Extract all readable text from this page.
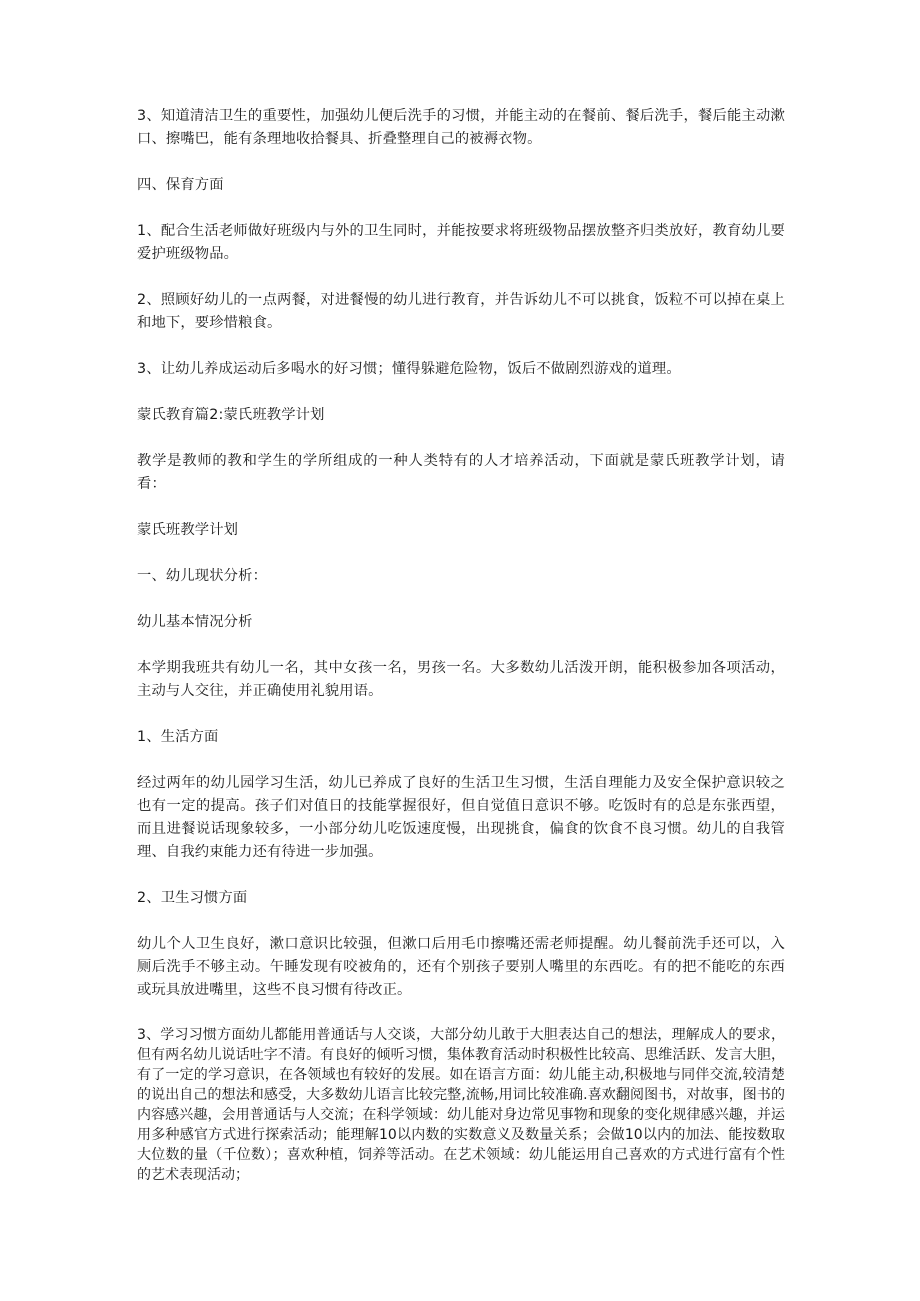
3、知道清洁卫生的重要性，加强幼儿便后洗手的习惯，并能主动的在餐前、餐后洗手，餐后能主动漱口、擦嘴巴，能有条理地收拾餐具、折叠整理自己的被褥衣物。

四、保育方面

1、配合生活老师做好班级内与外的卫生同时，并能按要求将班级物品摆放整齐归类放好，教育幼儿要爱护班级物品。

2、照顾好幼儿的一点两餐，对进餐慢的幼儿进行教育，并告诉幼儿不可以挑食，饭粒不可以掉在桌上和地下，要珍惜粮食。

3、让幼儿养成运动后多喝水的好习惯；懂得躲避危险物，饭后不做剧烈游戏的道理。

蒙氏教育篇2:蒙氏班教学计划

教学是教师的教和学生的学所组成的一种人类特有的人才培养活动，下面就是蒙氏班教学计划，请看：

蒙氏班教学计划

一、幼儿现状分析：

幼儿基本情况分析

本学期我班共有幼儿一名，其中女孩一名，男孩一名。大多数幼儿活泼开朗，能积极参加各项活动，主动与人交往，并正确使用礼貌用语。

1、生活方面

经过两年的幼儿园学习生活，幼儿已养成了良好的生活卫生习惯，生活自理能力及安全保护意识较之也有一定的提高。孩子们对值日的技能掌握很好，但自觉值日意识不够。吃饭时有的总是东张西望，而且进餐说话现象较多，一小部分幼儿吃饭速度慢，出现挑食，偏食的饮食不良习惯。幼儿的自我管理、自我约束能力还有待进一步加强。

2、卫生习惯方面

幼儿个人卫生良好，漱口意识比较强，但漱口后用毛巾擦嘴还需老师提醒。幼儿餐前洗手还可以，入厕后洗手不够主动。午睡发现有咬被角的，还有个别孩子要别人嘴里的东西吃。有的把不能吃的东西或玩具放进嘴里，这些不良习惯有待改正。

3、学习习惯方面幼儿都能用普通话与人交谈，大部分幼儿敢于大胆表达自己的想法，理解成人的要求，但有两名幼儿说话吐字不清。有良好的倾听习惯，集体教育活动时积极性比较高、思维活跃、发言大胆，有了一定的学习意识，在各领域也有较好的发展。如在语言方面：幼儿能主动,积极地与同伴交流,较清楚的说出自己的想法和感受，大多数幼儿语言比较完整,流畅,用词比较准确.喜欢翻阅图书，对故事，图书的内容感兴趣，会用普通话与人交流；在科学领域：幼儿能对身边常见事物和现象的变化规律感兴趣，并运用多种感官方式进行探索活动；能理解10以内数的实数意义及数量关系；会做10以内的加法、能按数取大位数的量（千位数）；喜欢种植，饲养等活动。在艺术领域：幼儿能运用自己喜欢的方式进行富有个性的艺术表现活动；
